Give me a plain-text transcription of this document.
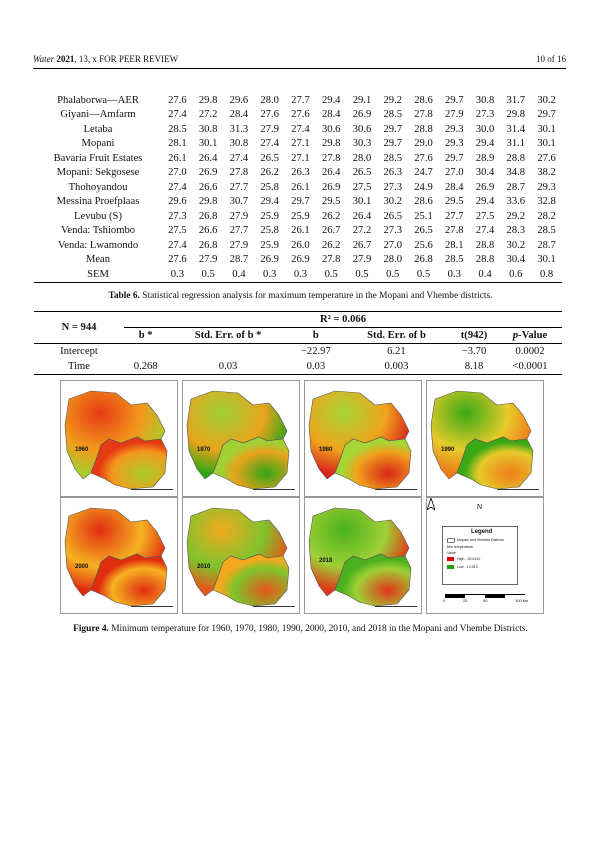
Water 2021, 13, x FOR PEER REVIEW	10 of 16
Phalaborwa—AER	27.6	29.8	29.6	28.0	27.7	29.4	29.1	29.2	28.6	29.7	30.8	31.7	30.2
Giyani—Amfarm	27.4	27.2	28.4	27.6	27.6	28.4	26.9	28.5	27.8	27.9	27.3	29.8	29.7
Letaba	28.5	30.8	31.3	27.9	27.4	30.6	30.6	29.7	28.8	29.3	30.0	31.4	30.1
Mopani	28.1	30.1	30.8	27.4	27.1	29.8	30.3	29.7	29.0	29.3	29.4	31.1	30.1
Bavaria Fruit Estates	26.1	26.4	27.4	26.5	27.1	27.8	28.0	28.5	27.6	29.7	28.9	28.8	27.6
Mopani: Sekgosese	27.0	26.9	27.8	26.2	26.3	26.4	26.5	26.3	24.7	27.0	30.4	34.8	38.2
Thohoyandou	27.4	26.6	27.7	25.8	26.1	26.9	27.5	27.3	24.9	28.4	26.9	28.7	29.3
Messina Proefplaas	29.6	29.8	30.7	29.4	29.7	29.5	30.1	30.2	28.6	29.5	29.4	33.6	32.8
Levubu (S)	27.3	26.8	27.9	25.9	25.9	26.2	26.4	26.5	25.1	27.7	27.5	29.2	28.2
Venda: Tshiombo	27.5	26.6	27.7	25.8	26.1	26.7	27.2	27.3	26.5	27.8	27.4	28.3	28.5
Venda: Lwamondo	27.4	26.8	27.9	25.9	26.0	26.2	26.7	27.0	25.6	28.1	28.8	30.2	28.7
Mean	27.6	27.9	28.7	26.9	26.9	27.8	27.9	28.0	26.8	28.5	28.8	30.4	30.1
SEM	0.3	0.5	0.4	0.3	0.3	0.5	0.5	0.5	0.5	0.3	0.4	0.6	0.8
Table 6. Statistical regression analysis for maximum temperature in the Mopani and Vhembe districts.
N = 944	R² = 0.066					
	b *	Std. Err. of b *	b	Std. Err. of b	t(942)	p-Value
Intercept			−22.97	6.21	−3.70	0.0002
Time	0.268	0.03	0.03	0.003	8.18	<0.0001
1960	1970	1980	1990
2000	2010
2018
N
Legend
Mopani and Vhembe Districts
Min temperature
Value
High : 20.6142
Low : 13.913
0	25	50	100 km
Figure 4. Minimum temperature for 1960, 1970, 1980, 1990, 2000, 2010, and 2018 in the Mopani and Vhembe Districts.
